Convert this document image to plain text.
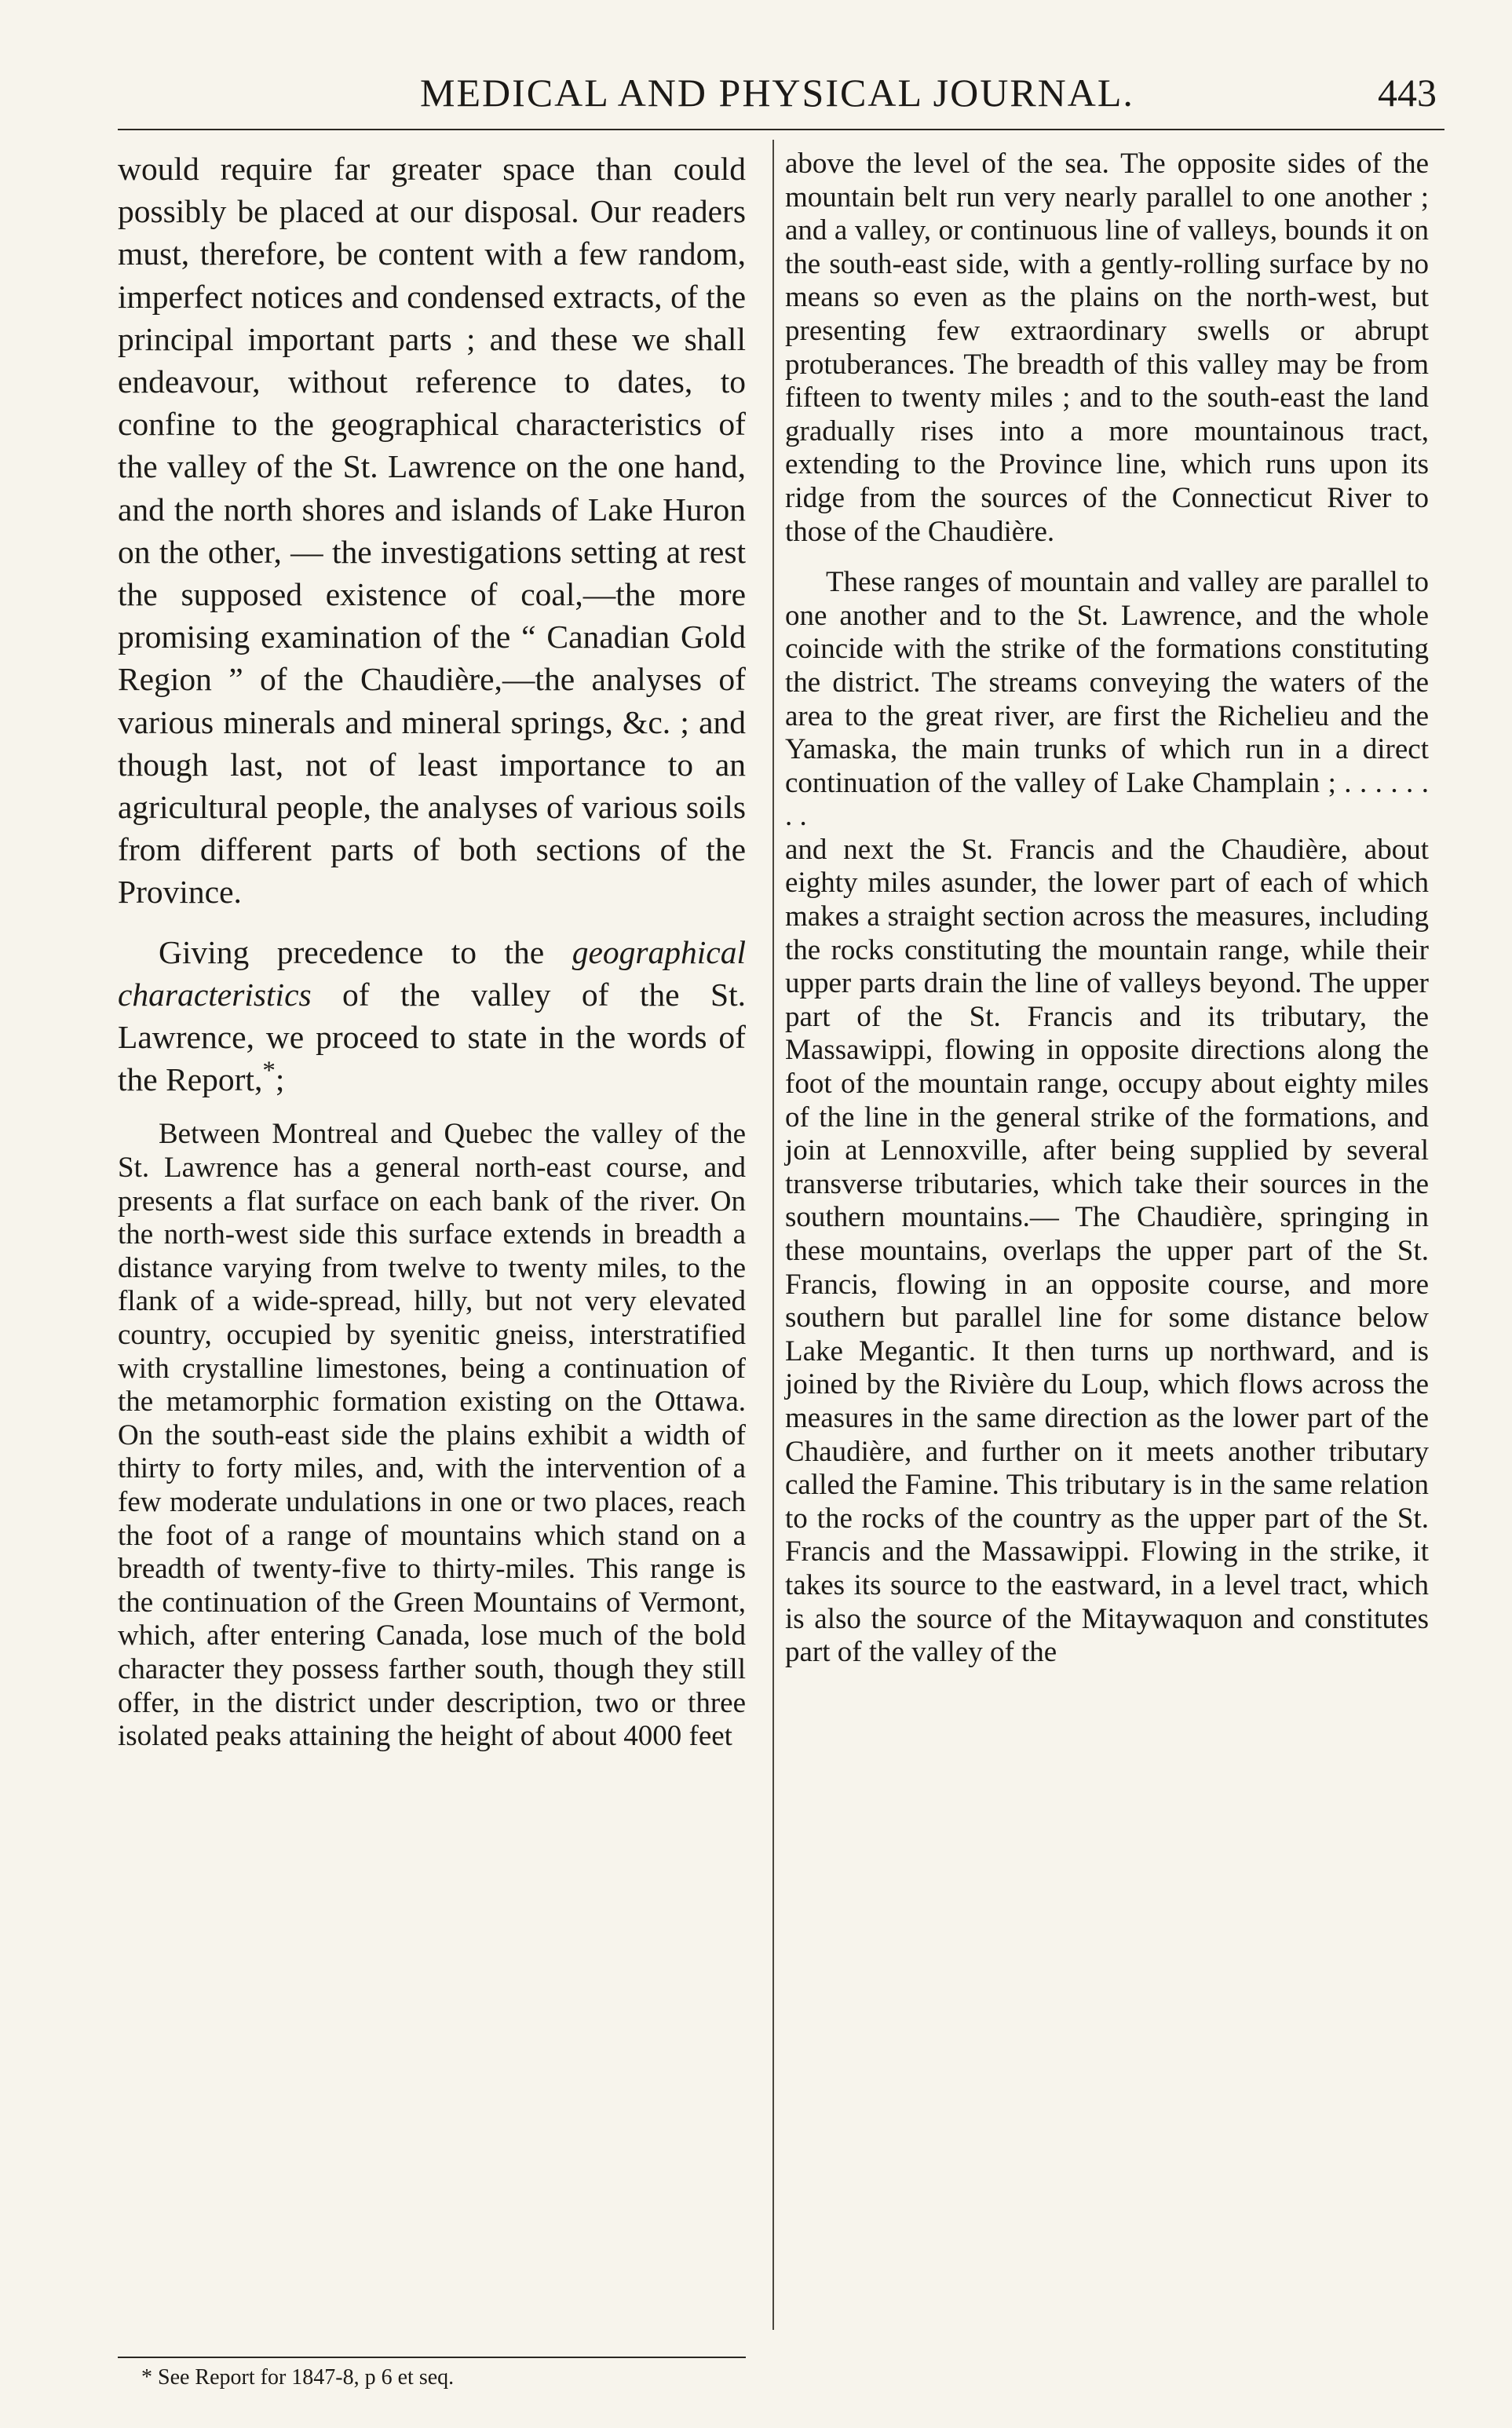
MEDICAL AND PHYSICAL JOURNAL.	443

would require far greater space than could possibly be placed at our disposal. Our readers must, therefore, be content with a few random, imperfect notices and condensed extracts, of the principal important parts ; and these we shall endeavour, without reference to dates, to confine to the geographical characteristics of the valley of the St. Lawrence on the one hand, and the north shores and islands of Lake Huron on the other, — the investigations setting at rest the supposed existence of coal,—the more promising examination of the “ Canadian Gold Region ” of the Chaudière,—the analyses of various minerals and mineral springs, &c. ; and though last, not of least importance to an agricultural people, the analyses of various soils from different parts of both sections of the Province.

Giving precedence to the geographical characteristics of the valley of the St. Lawrence, we proceed to state in the words of the Report,*;

Between Montreal and Quebec the valley of the St. Lawrence has a general north-east course, and presents a flat surface on each bank of the river. On the north-west side this surface extends in breadth a distance varying from twelve to twenty miles, to the flank of a wide-spread, hilly, but not very elevated country, occupied by syenitic gneiss, interstratified with crystalline limestones, being a continuation of the metamorphic formation existing on the Ottawa. On the south-east side the plains exhibit a width of thirty to forty miles, and, with the intervention of a few moderate undulations in one or two places, reach the foot of a range of mountains which stand on a breadth of twenty-five to thirty-miles. This range is the continuation of the Green Mountains of Vermont, which, after entering Canada, lose much of the bold character they possess farther south, though they still offer, in the district under description, two or three isolated peaks attaining the height of about 4000 feet

above the level of the sea. The opposite sides of the mountain belt run very nearly parallel to one another ; and a valley, or continuous line of valleys, bounds it on the south-east side, with a gently-rolling surface by no means so even as the plains on the north-west, but presenting few extraordinary swells or abrupt protuberances. The breadth of this valley may be from fifteen to twenty miles ; and to the south-east the land gradually rises into a more mountainous tract, extending to the Province line, which runs upon its ridge from the sources of the Connecticut River to those of the Chaudière.

These ranges of mountain and valley are parallel to one another and to the St. Lawrence, and the whole coincide with the strike of the formations constituting the district. The streams conveying the waters of the area to the great river, are first the Richelieu and the Yamaska, the main trunks of which run in a direct continuation of the valley of Lake Champlain ; . . . . . . . .

and next the St. Francis and the Chaudière, about eighty miles asunder, the lower part of each of which makes a straight section across the measures, including the rocks constituting the mountain range, while their upper parts drain the line of valleys beyond. The upper part of the St. Francis and its tributary, the Massawippi, flowing in opposite directions along the foot of the mountain range, occupy about eighty miles of the line in the general strike of the formations, and join at Lennoxville, after being supplied by several transverse tributaries, which take their sources in the southern mountains.— The Chaudière, springing in these mountains, overlaps the upper part of the St. Francis, flowing in an opposite course, and more southern but parallel line for some distance below Lake Megantic. It then turns up northward, and is joined by the Rivière du Loup, which flows across the measures in the same direction as the lower part of the Chaudière, and further on it meets another tributary called the Famine. This tributary is in the same relation to the rocks of the country as the upper part of the St. Francis and the Massawippi. Flowing in the strike, it takes its source to the eastward, in a level tract, which is also the source of the Mitaywaquon and constitutes part of the valley of the

* See Report for 1847-8, p 6 et seq.
